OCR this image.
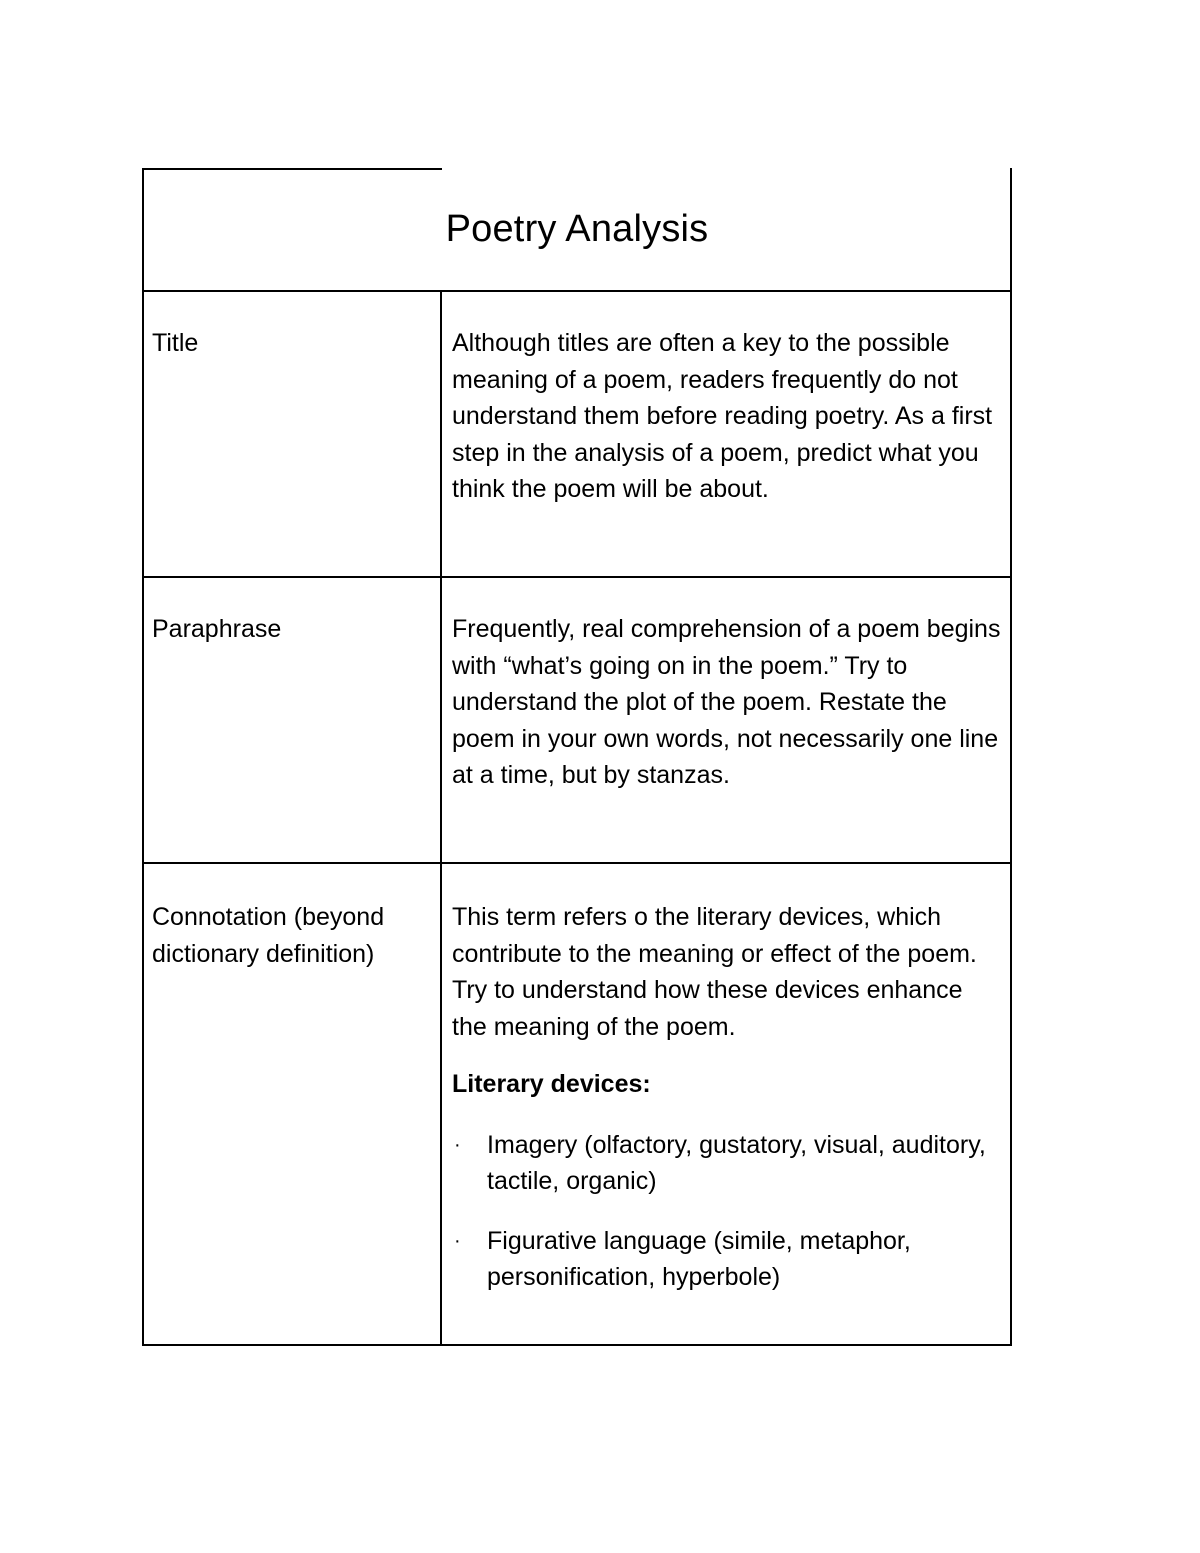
Poetry Analysis
Title	Although titles are often a key to the possible meaning of a poem, readers frequently do not understand them before reading poetry. As a first step in the analysis of a poem, predict what you think the poem will be about.
Paraphrase	Frequently, real comprehension of a poem begins with “what’s going on in the poem.” Try to understand the plot of the poem. Restate the poem in your own words, not necessarily one line at a time, but by stanzas.
Connotation (beyond dictionary definition)
This term refers o the literary devices, which contribute to the meaning or effect of the poem. Try to understand how these devices enhance the meaning of the poem.
Literary devices:
· Imagery (olfactory, gustatory, visual, auditory, tactile, organic)
· Figurative language (simile, metaphor, personification, hyperbole)
